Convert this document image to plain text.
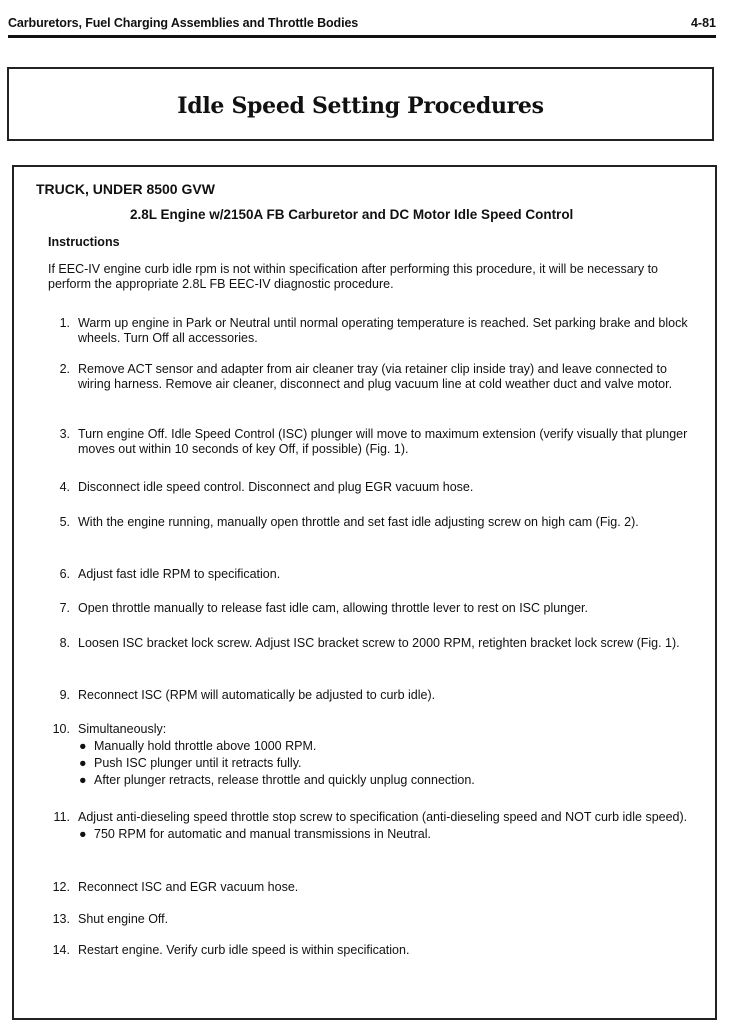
Carburetors, Fuel Charging Assemblies and Throttle Bodies	4-81
Idle Speed Setting Procedures
TRUCK, UNDER 8500 GVW
2.8L Engine w/2150A FB Carburetor and DC Motor Idle Speed Control
Instructions
If EEC-IV engine curb idle rpm is not within specification after performing this procedure, it will be necessary to perform the appropriate 2.8L FB EEC-IV diagnostic procedure.
1. Warm up engine in Park or Neutral until normal operating temperature is reached. Set parking brake and block wheels. Turn Off all accessories.
2. Remove ACT sensor and adapter from air cleaner tray (via retainer clip inside tray) and leave connected to wiring harness. Remove air cleaner, disconnect and plug vacuum line at cold weather duct and valve motor.
3. Turn engine Off. Idle Speed Control (ISC) plunger will move to maximum extension (verify visually that plunger moves out within 10 seconds of key Off, if possible) (Fig. 1).
4. Disconnect idle speed control. Disconnect and plug EGR vacuum hose.
5. With the engine running, manually open throttle and set fast idle adjusting screw on high cam (Fig. 2).
6. Adjust fast idle RPM to specification.
7. Open throttle manually to release fast idle cam, allowing throttle lever to rest on ISC plunger.
8. Loosen ISC bracket lock screw. Adjust ISC bracket screw to 2000 RPM, retighten bracket lock screw (Fig. 1).
9. Reconnect ISC (RPM will automatically be adjusted to curb idle).
10. Simultaneously:
● Manually hold throttle above 1000 RPM.
● Push ISC plunger until it retracts fully.
● After plunger retracts, release throttle and quickly unplug connection.
11. Adjust anti-dieseling speed throttle stop screw to specification (anti-dieseling speed and NOT curb idle speed).
● 750 RPM for automatic and manual transmissions in Neutral.
12. Reconnect ISC and EGR vacuum hose.
13. Shut engine Off.
14. Restart engine. Verify curb idle speed is within specification.
